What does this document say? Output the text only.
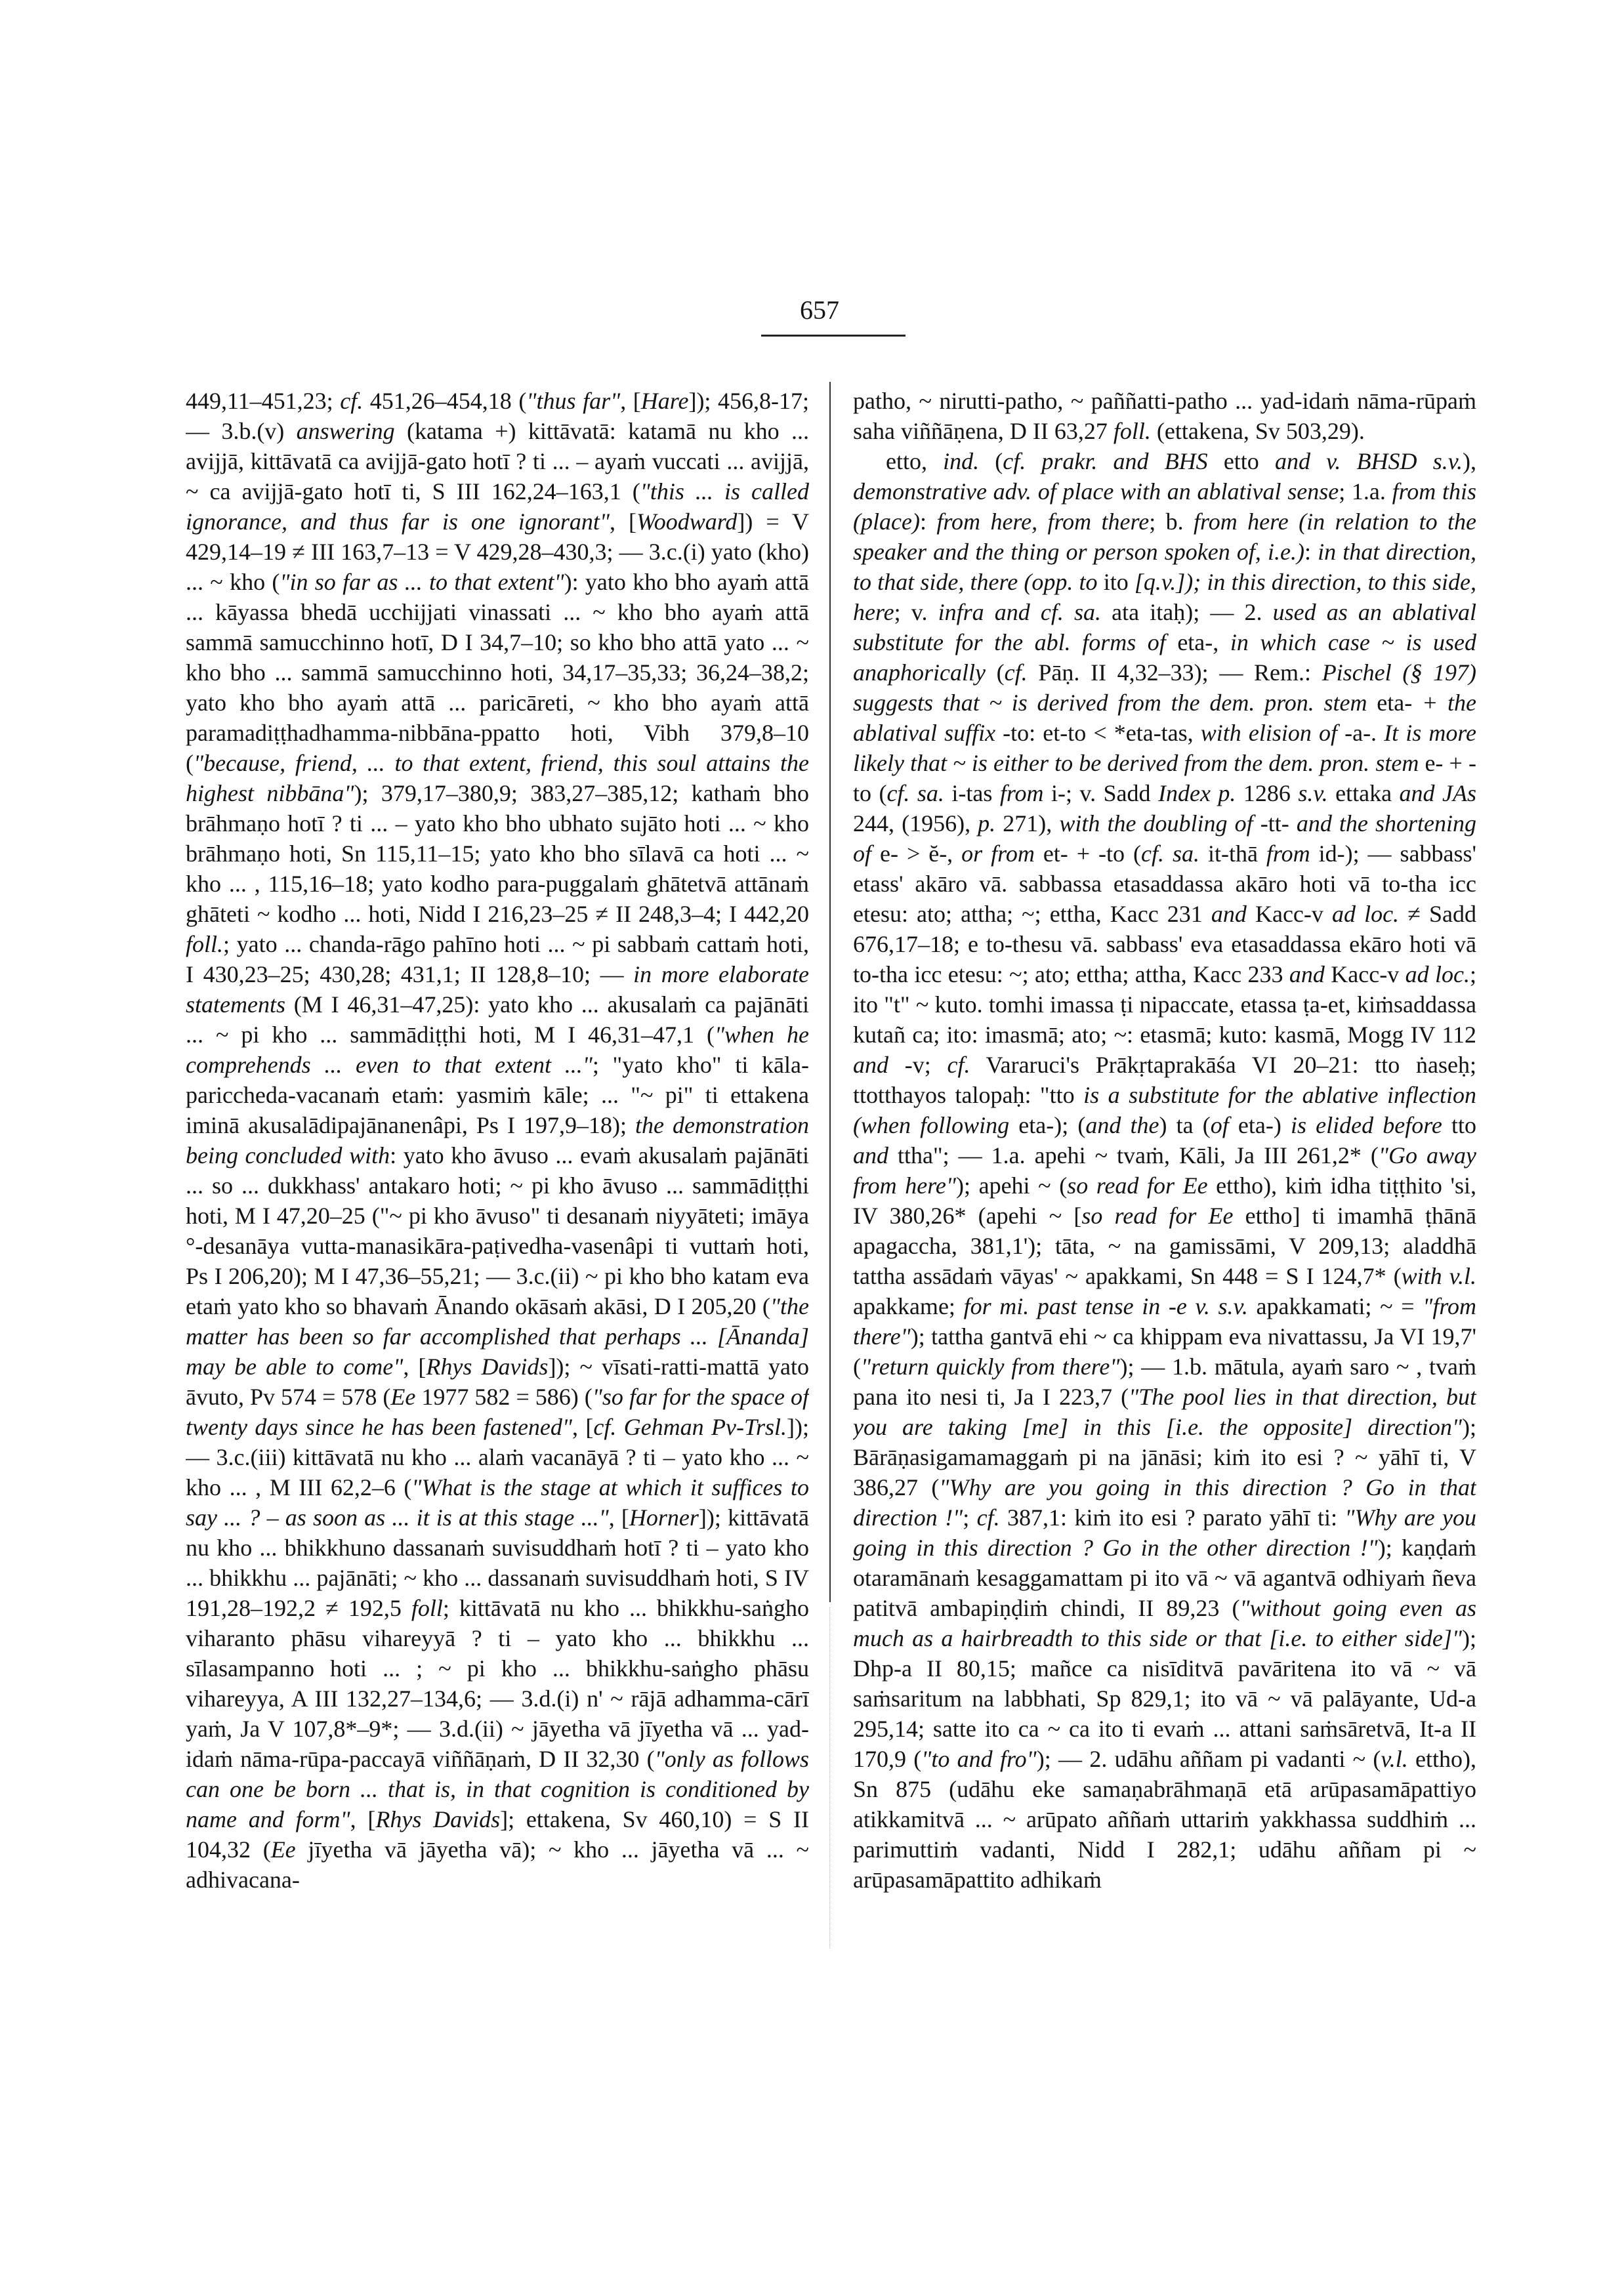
657

449,11–451,23; cf. 451,26–454,18 ("thus far", [Hare]); 456,8-17; — 3.b.(v) answering (katama +) kittāvatā: katamā nu kho ... avijjā, kittāvatā ca avijjā-gato hotī ? ti ... – ayaṁ vuccati ... avijjā, ~ ca avijjā-gato hotī ti, S III 162,24–163,1 ("this ... is called ignorance, and thus far is one ignorant", [Woodward]) = V 429,14–19 ≠ III 163,7–13 = V 429,28–430,3; — 3.c.(i) yato (kho) ... ~ kho ("in so far as ... to that extent"): yato kho bho ayaṁ attā ... kāyassa bhedā ucchijjati vinassati ... ~ kho bho ayaṁ attā sammā samucchinno hotī, D I 34,7–10; so kho bho attā yato ... ~ kho bho ... sammā samucchinno hoti, 34,17–35,33; 36,24–38,2; yato kho bho ayaṁ attā ... paricāreti, ~ kho bho ayaṁ attā paramadiṭṭhadhamma-nibbāna-ppatto hoti, Vibh 379,8–10 ("because, friend, ... to that extent, friend, this soul attains the highest nibbāna"); 379,17–380,9; 383,27–385,12; kathaṁ bho brāhmaṇo hotī ? ti ... – yato kho bho ubhato sujāto hoti ... ~ kho brāhmaṇo hoti, Sn 115,11–15; yato kho bho sīlavā ca hoti ... ~ kho ... , 115,16–18; yato kodho para-puggalaṁ ghātetvā attānaṁ ghāteti ~ kodho ... hoti, Nidd I 216,23–25 ≠ II 248,3–4; I 442,20 foll.; yato ... chanda-rāgo pahīno hoti ... ~ pi sabbaṁ cattaṁ hoti, I 430,23–25; 430,28; 431,1; II 128,8–10; — in more elaborate statements (M I 46,31–47,25): yato kho ... akusalaṁ ca pajānāti ... ~ pi kho ... sammādiṭṭhi hoti, M I 46,31–47,1 ("when he comprehends ... even to that extent ..."; "yato kho" ti kāla-pariccheda-vacanaṁ etaṁ: yasmiṁ kāle; ... "~ pi" ti ettakena iminā akusalādipajānanenâpi, Ps I 197,9–18); the demonstration being concluded with: yato kho āvuso ... evaṁ akusalaṁ pajānāti ... so ... dukkhass' antakaro hoti; ~ pi kho āvuso ... sammādiṭṭhi hoti, M I 47,20–25 ("~ pi kho āvuso" ti desanaṁ niyyāteti; imāya °-desanāya vutta-manasikāra-paṭivedha-vasenâpi ti vuttaṁ hoti, Ps I 206,20); M I 47,36–55,21; — 3.c.(ii) ~ pi kho bho katam eva etaṁ yato kho so bhavaṁ Ānando okāsaṁ akāsi, D I 205,20 ("the matter has been so far accomplished that perhaps ... [Ānanda] may be able to come", [Rhys Davids]); ~ vīsati-ratti-mattā yato āvuto, Pv 574 = 578 (Ee 1977 582 = 586) ("so far for the space of twenty days since he has been fastened", [cf. Gehman Pv-Trsl.]); — 3.c.(iii) kittāvatā nu kho ... alaṁ vacanāyā ? ti – yato kho ... ~ kho ... , M III 62,2–6 ("What is the stage at which it suffices to say ... ? – as soon as ... it is at this stage ...", [Horner]); kittāvatā nu kho ... bhikkhuno dassanaṁ suvisuddhaṁ hotī ? ti – yato kho ... bhikkhu ... pajānāti; ~ kho ... dassanaṁ suvisuddhaṁ hoti, S IV 191,28–192,2 ≠ 192,5 foll; kittāvatā nu kho ... bhikkhu-saṅgho viharanto phāsu vihareyyā ? ti – yato kho ... bhikkhu ... sīlasampanno hoti ... ; ~ pi kho ... bhikkhu-saṅgho phāsu vihareyya, A III 132,27–134,6; — 3.d.(i) n' ~ rājā adhamma-cārī yaṁ, Ja V 107,8*–9*; — 3.d.(ii) ~ jāyetha vā jīyetha vā ... yad-idaṁ nāma-rūpa-paccayā viññāṇaṁ, D II 32,30 ("only as follows can one be born ... that is, in that cognition is conditioned by name and form", [Rhys Davids]; ettakena, Sv 460,10) = S II 104,32 (Ee jīyetha vā jāyetha vā); ~ kho ... jāyetha vā ... ~ adhivacana-

patho, ~ nirutti-patho, ~ paññatti-patho ... yad-idaṁ nāma-rūpaṁ saha viññāṇena, D II 63,27 foll. (ettakena, Sv 503,29).

etto, ind. (cf. prakr. and BHS etto and v. BHSD s.v.), demonstrative adv. of place with an ablatival sense; 1.a. from this (place): from here, from there; b. from here (in relation to the speaker and the thing or person spoken of, i.e.): in that direction, to that side, there (opp. to ito [q.v.]); in this direction, to this side, here; v. infra and cf. sa. ata itaḥ); — 2. used as an ablatival substitute for the abl. forms of eta-, in which case ~ is used anaphorically (cf. Pāṇ. II 4,32–33); — Rem.: Pischel (§ 197) suggests that ~ is derived from the dem. pron. stem eta- + the ablatival suffix -to: et-to < *eta-tas, with elision of -a-. It is more likely that ~ is either to be derived from the dem. pron. stem e- + -to (cf. sa. i-tas from i-; v. Sadd Index p. 1286 s.v. ettaka and JAs 244, (1956), p. 271), with the doubling of -tt- and the shortening of e- > ĕ-, or from et- + -to (cf. sa. it-thā from id-); — sabbass' etass' akāro vā. sabbassa etasaddassa akāro hoti vā to-tha icc etesu: ato; attha; ~; ettha, Kacc 231 and Kacc-v ad loc. ≠ Sadd 676,17–18; e to-thesu vā. sabbass' eva etasaddassa ekāro hoti vā to-tha icc etesu: ~; ato; ettha; attha, Kacc 233 and Kacc-v ad loc.; ito "t" ~ kuto. tomhi imassa ṭi nipaccate, etassa ṭa-et, kiṁsaddassa kutañ ca; ito: imasmā; ato; ~: etasmā; kuto: kasmā, Mogg IV 112 and -v; cf. Vararuci's Prākṛtaprakāśa VI 20–21: tto ṅaseḥ; ttotthayos talopaḥ: "tto is a substitute for the ablative inflection (when following eta-); (and the) ta (of eta-) is elided before tto and ttha"; — 1.a. apehi ~ tvaṁ, Kāli, Ja III 261,2* ("Go away from here"); apehi ~ (so read for Ee ettho), kiṁ idha tiṭṭhito 'si, IV 380,26* (apehi ~ [so read for Ee ettho] ti imamhā ṭhānā apagaccha, 381,1'); tāta, ~ na gamissāmi, V 209,13; aladdhā tattha assādaṁ vāyas' ~ apakkami, Sn 448 = S I 124,7* (with v.l. apakkame; for mi. past tense in -e v. s.v. apakkamati; ~ = "from there"); tattha gantvā ehi ~ ca khippam eva nivattassu, Ja VI 19,7' ("return quickly from there"); — 1.b. mātula, ayaṁ saro ~ , tvaṁ pana ito nesi ti, Ja I 223,7 ("The pool lies in that direction, but you are taking [me] in this [i.e. the opposite] direction"); Bārāṇasigamamaggaṁ pi na jānāsi; kiṁ ito esi ? ~ yāhī ti, V 386,27 ("Why are you going in this direction ? Go in that direction !"; cf. 387,1: kiṁ ito esi ? parato yāhī ti: "Why are you going in this direction ? Go in the other direction !"); kaṇḍaṁ otaramānaṁ kesaggamattam pi ito vā ~ vā agantvā odhiyaṁ ñeva patitvā ambapiṇḍiṁ chindi, II 89,23 ("without going even as much as a hairbreadth to this side or that [i.e. to either side]"); Dhp-a II 80,15; mañce ca nisīditvā pavāritena ito vā ~ vā saṁsaritum na labbhati, Sp 829,1; ito vā ~ vā palāyante, Ud-a 295,14; satte ito ca ~ ca ito ti evaṁ ... attani saṁsāretvā, It-a II 170,9 ("to and fro"); — 2. udāhu aññam pi vadanti ~ (v.l. ettho), Sn 875 (udāhu eke samaṇabrāhmaṇā etā arūpasamāpattiyo atikkamitvā ... ~ arūpato aññaṁ uttariṁ yakkhassa suddhiṁ ... parimuttiṁ vadanti, Nidd I 282,1; udāhu aññam pi ~ arūpasamāpattito adhikaṁ
